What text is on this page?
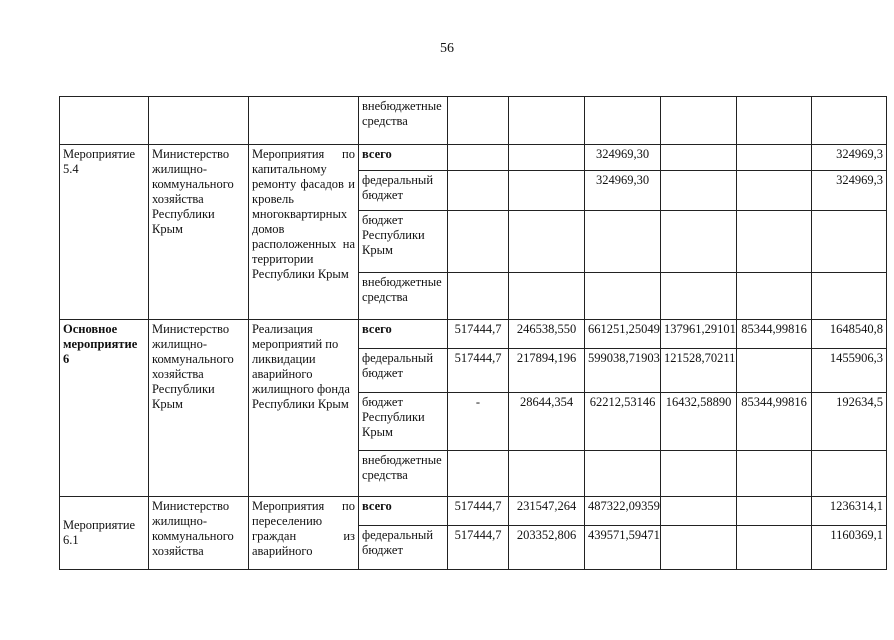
56
			внебюджетные средства						
Мероприятие 5.4	Министерство жилищно-коммунального хозяйства Республики Крым	Мероприятия по капитальному ремонту фасадов и кровель многоквартирных домов расположенных на территории Республики Крым	всего			324969,30			324969,3
			федеральный бюджет			324969,30			324969,3
			бюджет Республики Крым						
			внебюджетные средства						
Основное мероприятие 6	Министерство жилищно-коммунального хозяйства Республики Крым	Реализация мероприятий по ликвидации аварийного жилищного фонда Республики Крым	всего	517444,7	246538,550	661251,25049	137961,29101	85344,99816	1648540,8
			федеральный бюджет	517444,7	217894,196	599038,71903	121528,70211		1455906,3
			бюджет Республики Крым	-	28644,354	62212,53146	16432,58890	85344,99816	192634,5
			внебюджетные средства						
Мероприятие 6.1	Министерство жилищно-коммунального хозяйства	Мероприятия по переселению граждан из аварийного	всего	517444,7	231547,264	487322,09359			1236314,1
			федеральный бюджет	517444,7	203352,806	439571,59471			1160369,1
